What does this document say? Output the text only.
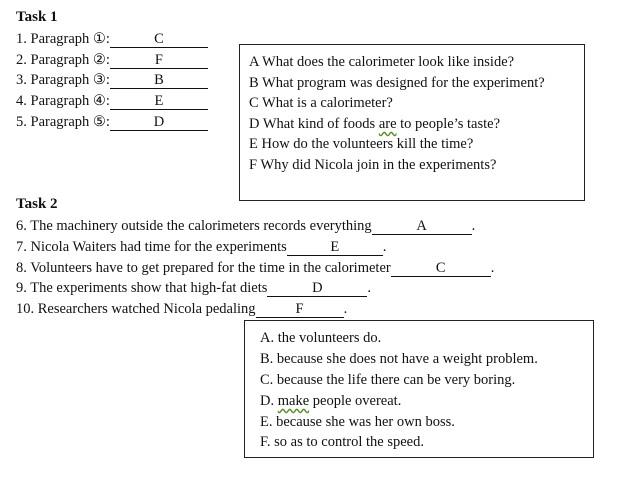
Task 1
1. Paragraph ①:	C
2. Paragraph ②:	F
3. Paragraph ③:	B
4. Paragraph ④:	E
5. Paragraph ⑤:	D
A What does the calorimeter look like inside?
B What program was designed for the experiment?
C What is a calorimeter?
D What kind of foods are to people’s taste?
E How do the volunteers kill the time?
F Why did Nicola join in the experiments?
Task 2
6. The machinery outside the calorimeters records everything	A	.
7. Nicola Waiters had time for the experiments	E	.
8. Volunteers have to get prepared for the time in the calorimeter	C	.
9. The experiments show that high-fat diets	D	.
10. Researchers watched Nicola pedaling	F	.
A. the volunteers do.
B. because she does not have a weight problem.
C. because the life there can be very boring.
D. make people overeat.
E. because she was her own boss.
F. so as to control the speed.
